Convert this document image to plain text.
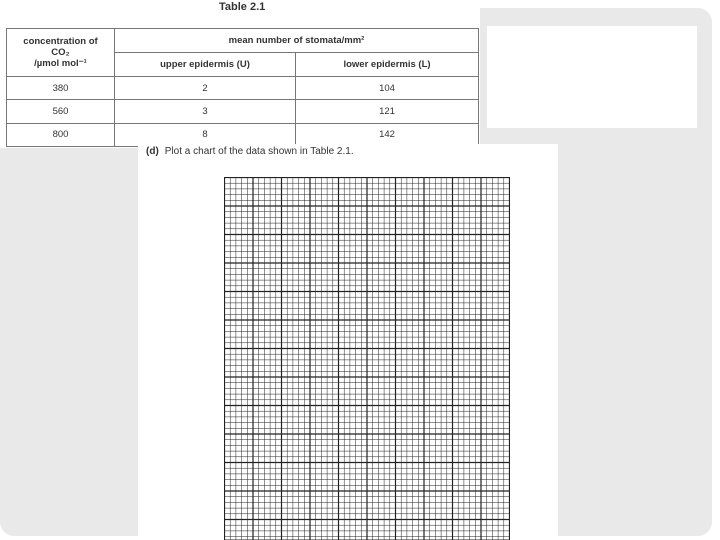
Table 2.1
concentration of
CO₂
/µmol mol⁻¹	mean number of stomata/mm²	
	upper epidermis (U)	lower epidermis (L)
380	2	104
560	3	121
800	8	142
(d) Plot a chart of the data shown in Table 2.1.
